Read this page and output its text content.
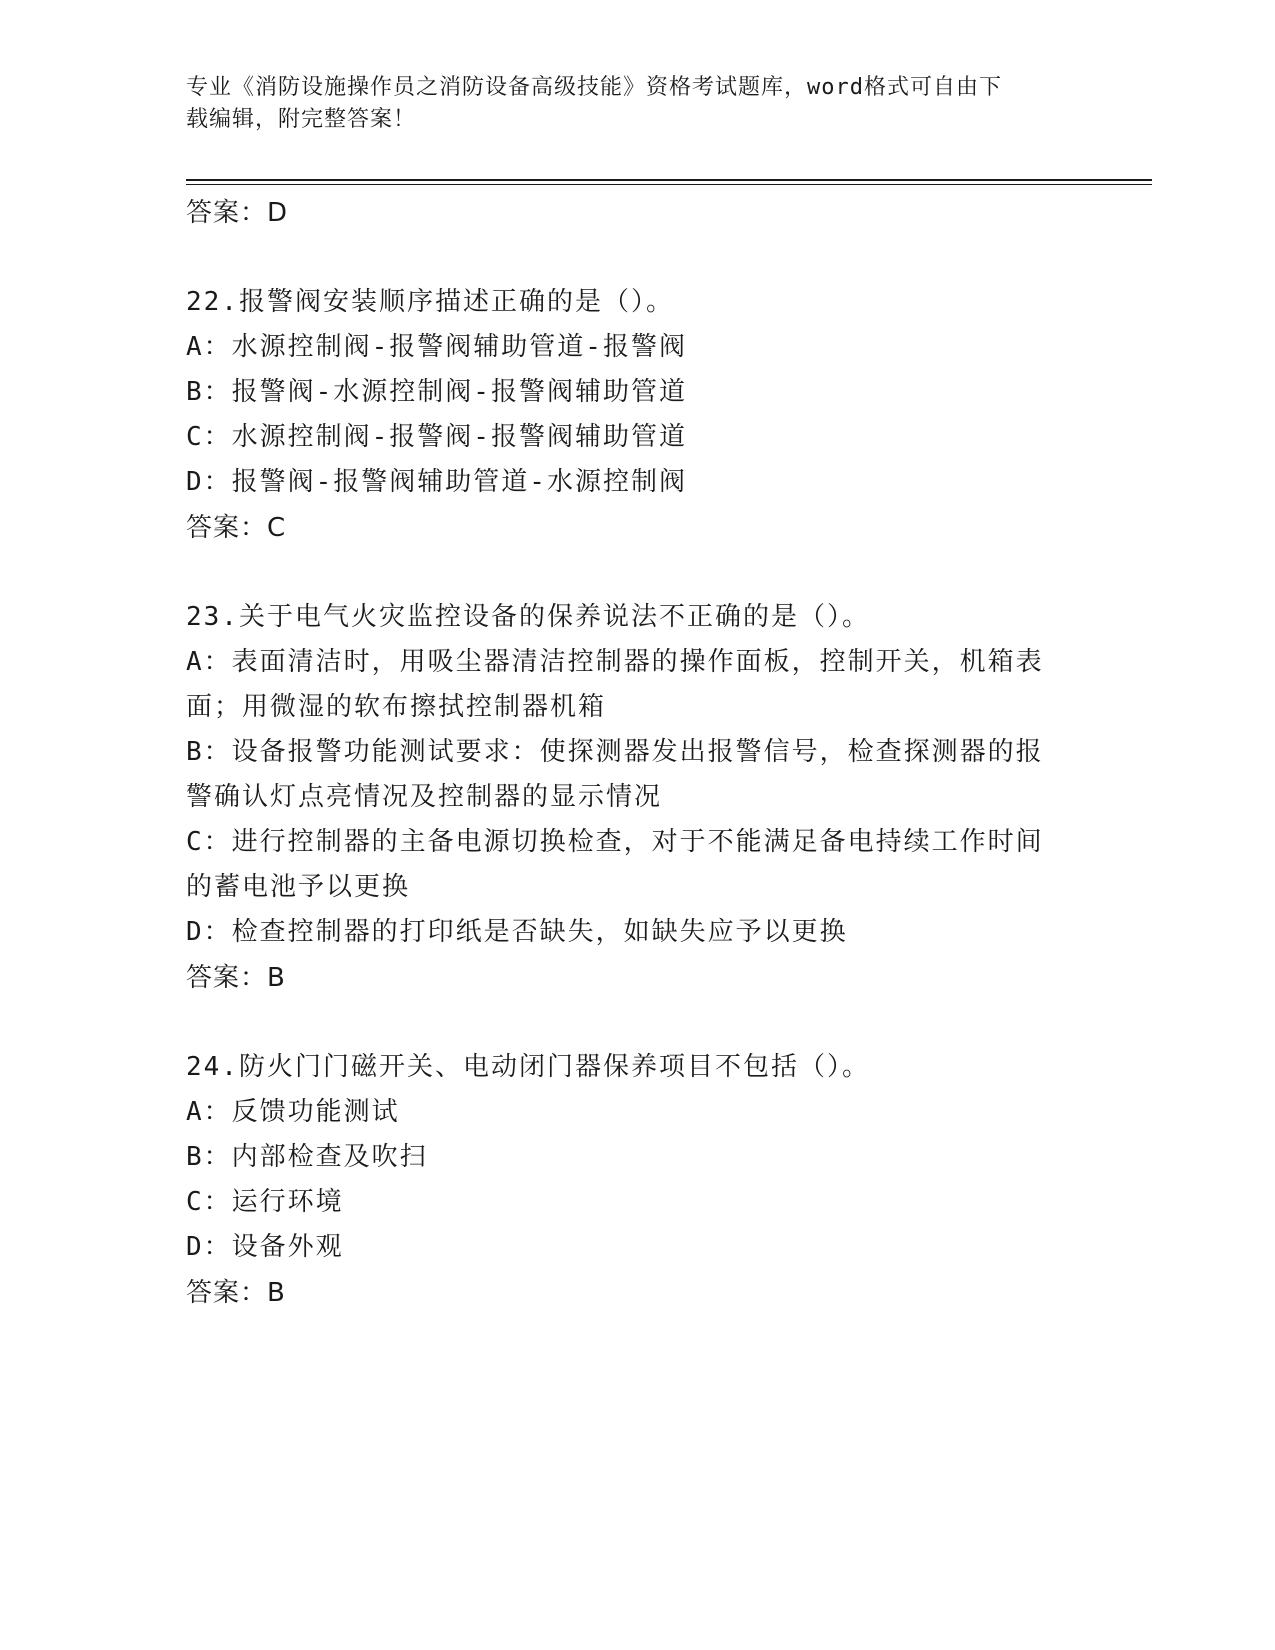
专业《消防设施操作员之消防设备高级技能》资格考试题库，word格式可自由下
载编辑，附完整答案！
答案：D
22.报警阀安装顺序描述正确的是（）。
A：水源控制阀-报警阀辅助管道-报警阀
B：报警阀-水源控制阀-报警阀辅助管道
C：水源控制阀-报警阀-报警阀辅助管道
D：报警阀-报警阀辅助管道-水源控制阀
答案：C
23.关于电气火灾监控设备的保养说法不正确的是（）。
A：表面清洁时，用吸尘器清洁控制器的操作面板，控制开关，机箱表
面；用微湿的软布擦拭控制器机箱
B：设备报警功能测试要求：使探测器发出报警信号，检查探测器的报
警确认灯点亮情况及控制器的显示情况
C：进行控制器的主备电源切换检查，对于不能满足备电持续工作时间
的蓄电池予以更换
D：检查控制器的打印纸是否缺失，如缺失应予以更换
答案：B
24.防火门门磁开关、电动闭门器保养项目不包括（）。
A：反馈功能测试
B：内部检查及吹扫
C：运行环境
D：设备外观
答案：B
